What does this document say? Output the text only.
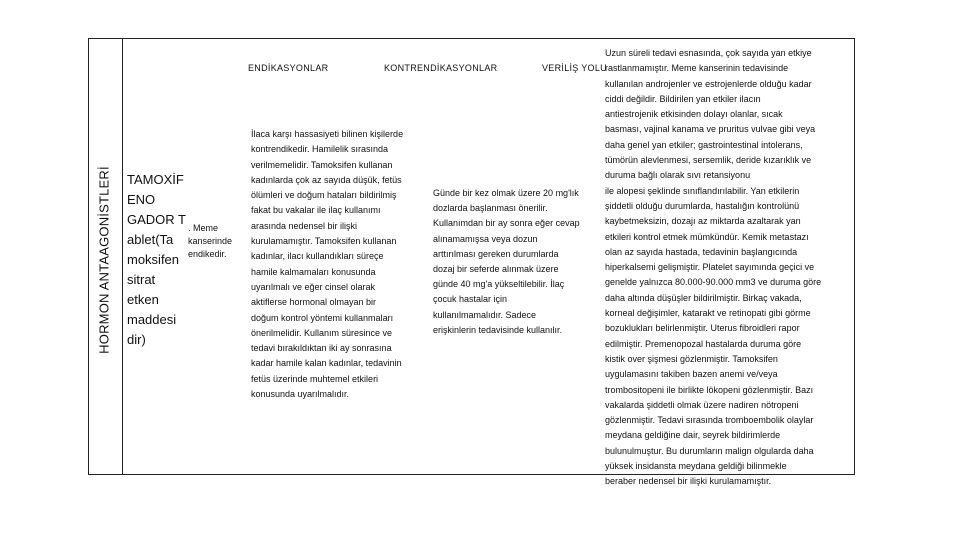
HORMON ANTAAGONİSTLERİ
ENDİKASYONLAR	KONTRENDİKASYONLAR	VERİLİŞ YOLU
TAMOXİF
ENO
GADOR T
ablet(Ta
moksifen
sitrat
etken
maddesi
dir)
. Meme
kanserinde
endikedir.
İlaca karşı hassasiyeti bilinen kişilerde
kontrendikedir. Hamilelik sırasında
verilmemelidir. Tamoksifen kullanan
kadınlarda çok az sayıda düşük, fetüs
ölümleri ve doğum hataları bildirilmiş
fakat bu vakalar ile ilaç kullanımı
arasında nedensel bir ilişki
kurulamamıştır. Tamoksifen kullanan
kadınlar, ilacı kullandıkları süreçe
hamile kalmamaları konusunda
uyarılmalı ve eğer cinsel olarak
aktiflerse hormonal olmayan bir
doğum kontrol yöntemi kullanmaları
önerilmelidir. Kullanım süresince ve
tedavi bırakıldıktan iki ay sonrasına
kadar hamile kalan kadınlar, tedavinin
fetüs üzerinde muhtemel etkileri
konusunda uyarılmalıdır.
Günde bir kez olmak üzere 20 mg'lık
dozlarda başlanması önerilir.
Kullanımdan bir ay sonra eğer cevap
alınamamışsa veya dozun
arttırılması gereken durumlarda
dozaj bir seferde alınmak üzere
günde 40 mg'a yükseltilebilir. İlaç
çocuk hastalar için
kullanılmamalıdır. Sadece
erişkinlerin tedavisinde kullanılır.
Uzun süreli tedavi esnasında, çok sayıda yan etkiye
rastlanmamıştır. Meme kanserinin tedavisinde
kullanılan androjenler ve estrojenlerde olduğu kadar
ciddi değildir. Bildirilen yan etkiler ilacın
antiestrojenik etkisinden dolayı olanlar, sıcak
basması, vajinal kanama ve pruritus vulvae gibi veya
daha genel yan etkiler; gastrointestinal intolerans,
tümörün alevlenmesi, sersemlik, deride kızarıklık ve
duruma bağlı olarak sıvı retansiyonu
ile alopesi şeklinde sınıflandırılabilir. Yan etkilerin
şiddetli olduğu durumlarda, hastalığın kontrolünü
kaybetmeksizin, dozajı az miktarda azaltarak yan
etkileri kontrol etmek mümkündür. Kemik metastazı
olan az sayıda hastada, tedavinin başlangıcında
hiperkalsemi gelişmiştir. Platelet sayımında geçici ve
genelde yalnızca 80.000-90.000 mm3 ve duruma göre
daha altında düşüşler bildirilmiştir. Birkaç vakada,
korneal değişimler, katarakt ve retinopati gibi görme
bozuklukları belirlenmiştir. Uterus fibroidleri rapor
edilmiştir. Premenopozal hastalarda duruma göre
kistik over şişmesi gözlenmiştir. Tamoksifen
uygulamasını takiben bazen anemi ve/veya
trombositopeni ile birlikte lökopeni gözlenmiştir. Bazı
vakalarda şiddetli olmak üzere nadiren nötropeni
gözlenmiştir. Tedavi sırasında tromboembolik olaylar
meydana geldiğine dair, seyrek bildirimlerde
bulunulmuştur. Bu durumların malign olgularda daha
yüksek insidansta meydana geldiği bilinmekle
beraber nedensel bir ilişki kurulamamıştır.
